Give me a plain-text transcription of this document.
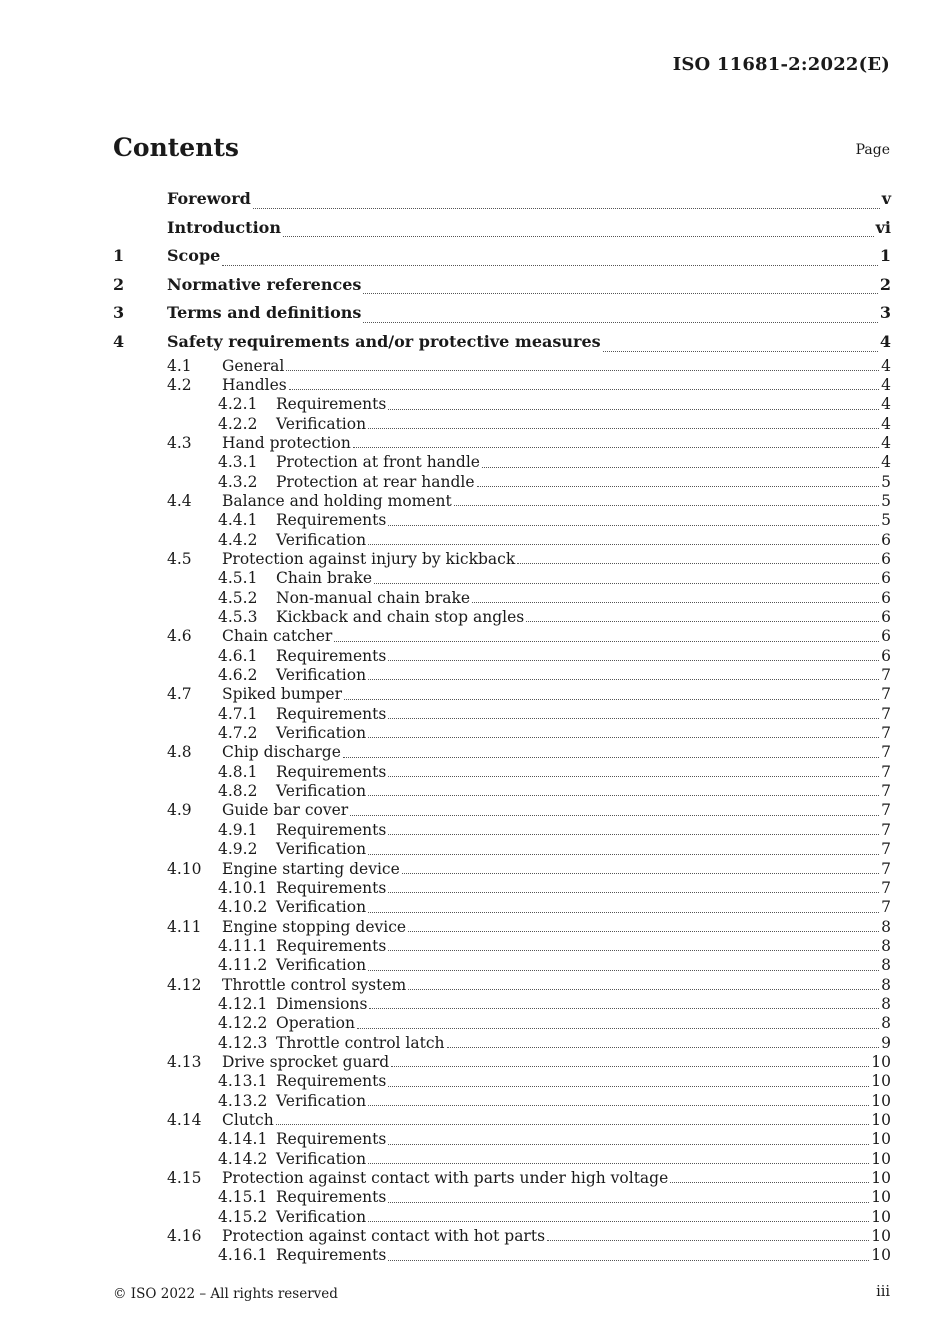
ISO 11681-2:2022(E)
Contents	Page
Foreword	v
Introduction	vi
1	Scope	1
2	Normative references	2
3	Terms and definitions	3
4	Safety requirements and/or protective measures	4
4.1	General	4
4.2	Handles	4
4.2.1	Requirements	4
4.2.2	Verification	4
4.3	Hand protection	4
4.3.1	Protection at front handle	4
4.3.2	Protection at rear handle	5
4.4	Balance and holding moment	5
4.4.1	Requirements	5
4.4.2	Verification	6
4.5	Protection against injury by kickback	6
4.5.1	Chain brake	6
4.5.2	Non-manual chain brake	6
4.5.3	Kickback and chain stop angles	6
4.6	Chain catcher	6
4.6.1	Requirements	6
4.6.2	Verification	7
4.7	Spiked bumper	7
4.7.1	Requirements	7
4.7.2	Verification	7
4.8	Chip discharge	7
4.8.1	Requirements	7
4.8.2	Verification	7
4.9	Guide bar cover	7
4.9.1	Requirements	7
4.9.2	Verification	7
4.10	Engine starting device	7
4.10.1 Requirements	7
4.10.2 Verification	7
4.11	Engine stopping device	8
4.11.1 Requirements	8
4.11.2 Verification	8
4.12	Throttle control system	8
4.12.1 Dimensions	8
4.12.2 Operation	8
4.12.3 Throttle control latch	9
4.13	Drive sprocket guard	10
4.13.1 Requirements	10
4.13.2 Verification	10
4.14	Clutch	10
4.14.1 Requirements	10
4.14.2 Verification	10
4.15	Protection against contact with parts under high voltage	10
4.15.1 Requirements	10
4.15.2 Verification	10
4.16	Protection against contact with hot parts	10
4.16.1 Requirements	10
© ISO 2022 – All rights reserved	iii
